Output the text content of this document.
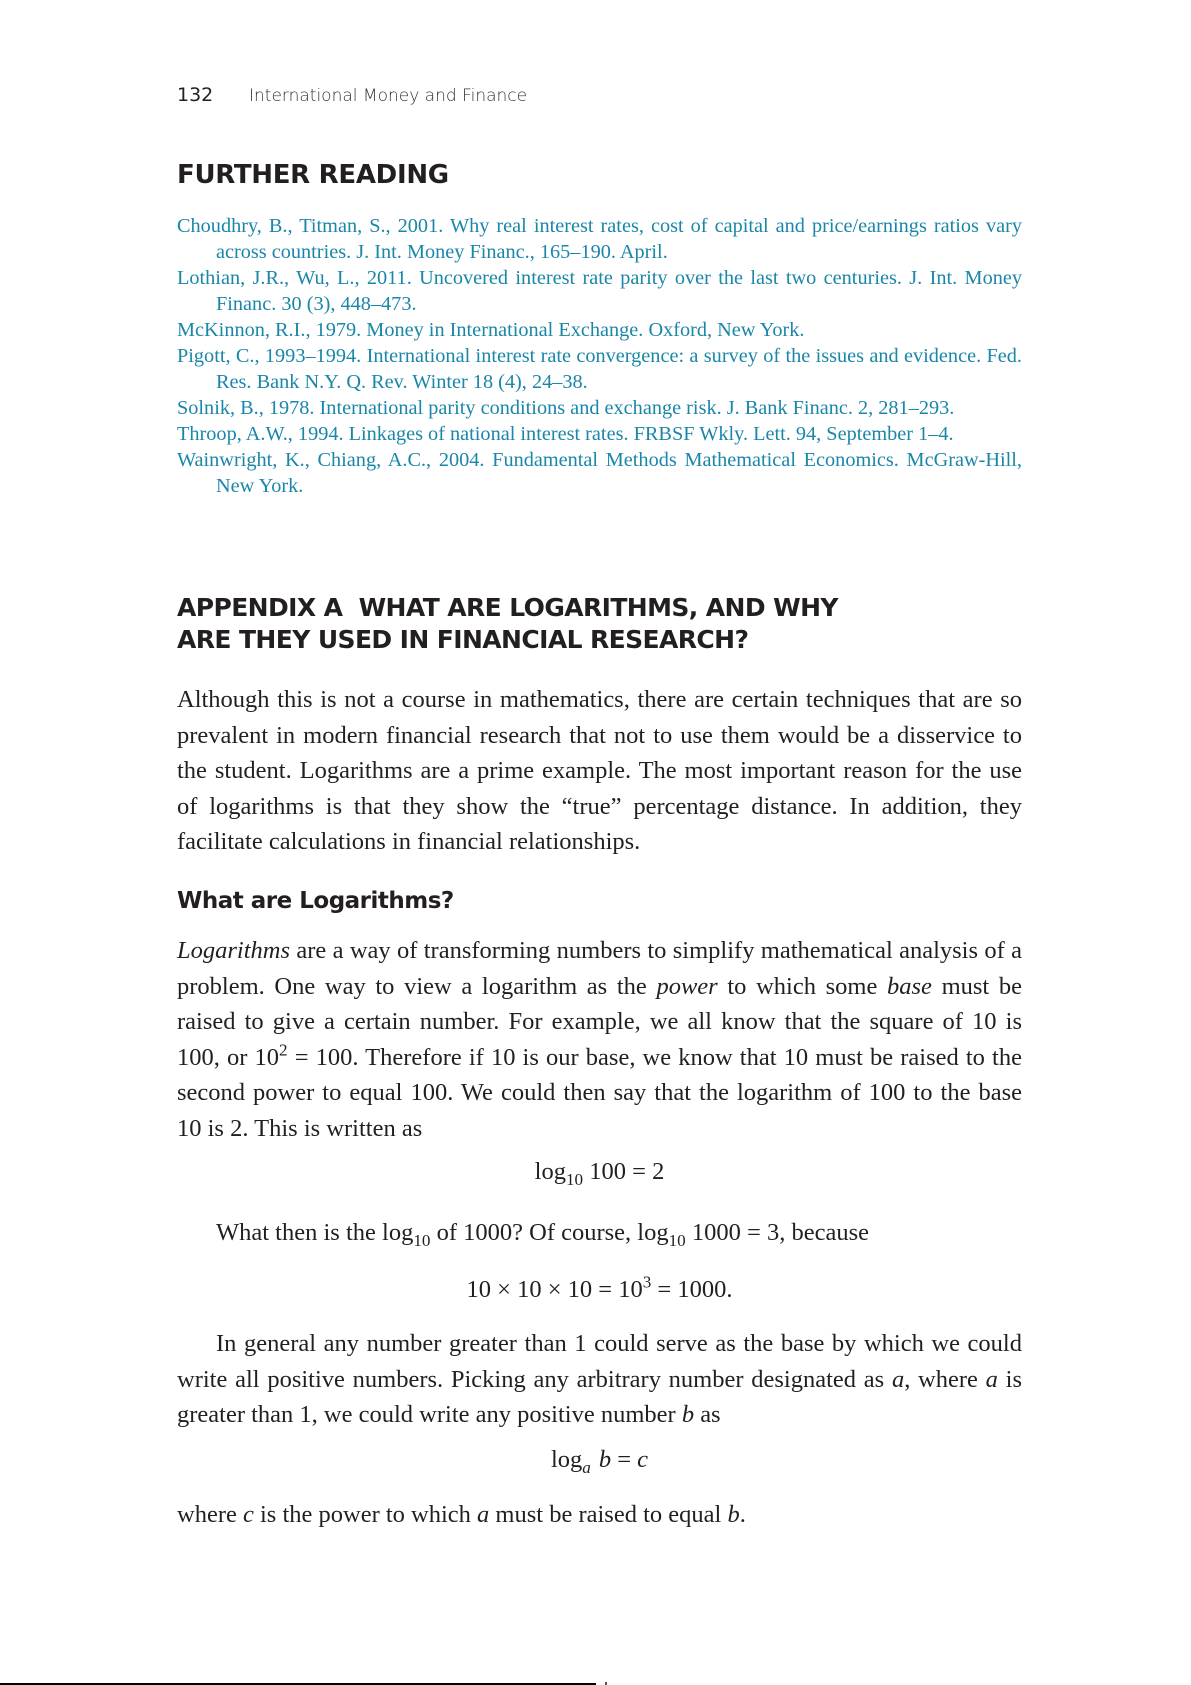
132 International Money and Finance
FURTHER READING
Choudhry, B., Titman, S., 2001. Why real interest rates, cost of capital and price/earnings ratios vary across countries. J. Int. Money Financ., 165–190. April.
Lothian, J.R., Wu, L., 2011. Uncovered interest rate parity over the last two centuries. J. Int. Money Financ. 30 (3), 448–473.
McKinnon, R.I., 1979. Money in International Exchange. Oxford, New York.
Pigott, C., 1993–1994. International interest rate convergence: a survey of the issues and evidence. Fed. Res. Bank N.Y. Q. Rev. Winter 18 (4), 24–38.
Solnik, B., 1978. International parity conditions and exchange risk. J. Bank Financ. 2, 281–293.
Throop, A.W., 1994. Linkages of national interest rates. FRBSF Wkly. Lett. 94, September 1–4.
Wainwright, K., Chiang, A.C., 2004. Fundamental Methods Mathematical Economics. McGraw-Hill, New York.
APPENDIX A  WHAT ARE LOGARITHMS, AND WHY
ARE THEY USED IN FINANCIAL RESEARCH?

Although this is not a course in mathematics, there are certain techniques that are so prevalent in modern financial research that not to use them would be a disservice to the student. Logarithms are a prime example. The most important reason for the use of logarithms is that they show the “true” percentage distance. In addition, they facilitate calculations in financial relationships.

What are Logarithms?

Logarithms are a way of transforming numbers to simplify mathematical analysis of a problem. One way to view a logarithm as the power to which some base must be raised to give a certain number. For example, we all know that the square of 10 is 100, or $10^2 = 100$. Therefore if 10 is our base, we know that 10 must be raised to the second power to equal 100. We could then say that the logarithm of 100 to the base 10 is 2. This is written as

$\log_{10} 100 = 2$

What then is the $\log_{10}$ of 1000? Of course, $\log_{10} 1000 = 3$, because

$10 \times 10 \times 10 = 10^3 = 1000$.

In general any number greater than 1 could serve as the base by which we could write all positive numbers. Picking any arbitrary number designated as a, where a is greater than 1, we could write any positive number b as

$\log_a b = c$

where c is the power to which a must be raised to equal b.
